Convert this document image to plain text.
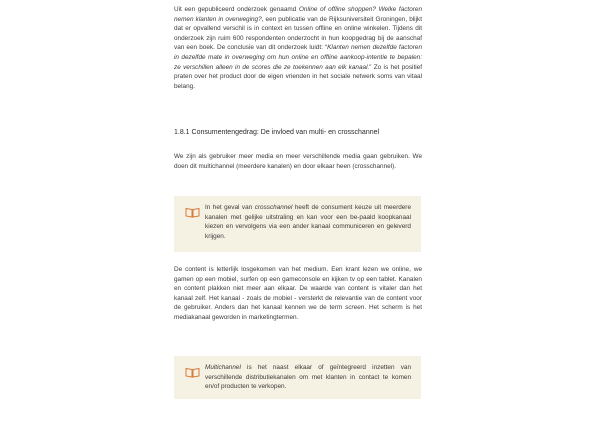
Uit een gepubliceerd onderzoek genaamd Online of offline shoppen? Welke factoren nemen klanten in overweging?, een publicatie van de Rijksuniversiteit Groningen, blijkt dat er opvallend verschil is in context en tussen offline en online winkelen. Tijdens dit onderzoek zijn ruim 600 respondenten onderzocht in hun koopgedrag bij de aanschaf van een boek. De conclusie van dit onderzoek luidt: “Klanten nemen dezelfde factoren in dezelfde mate in overweging om hun online en offline aankoop-intentie te bepalen: ze verschillen alleen in de scores die ze toekennen aan elk kanaal.” Zo is het positief praten over het product door de eigen vrienden in het sociale netwerk soms van vitaal belang.

1.8.1 Consumentengedrag: De invloed van multi- en crosschannel

We zijn als gebruiker meer media en meer verschillende media gaan gebruiken. We doen dit multichannel (meerdere kanalen) en door elkaar heen (crosschannel).

In het geval van crosschannel heeft de consument keuze uit meerdere kanalen met gelijke uitstraling en kan voor een be-paald koopkanaal kiezen en vervolgens via een ander kanaal communiceren en geleverd krijgen.

De content is letterlijk losgekomen van het medium. Een krant lezen we online, we gamen op een mobiel, surfen op een gameconsole en kijken tv op een tablet. Kanalen en content plakken niet meer aan elkaar. De waarde van content is vitaler dan het kanaal zelf. Het kanaal - zoals de mobiel - versterkt de relevantie van de content voor de gebruiker. Anders dan het kanaal kennen we de term screen. Het scherm is het mediakanaal geworden in marketingtermen.

Multichannel is het naast elkaar of geïntegreerd inzetten van verschillende distributiekanalen om met klanten in contact te komen en/of producten te verkopen.
